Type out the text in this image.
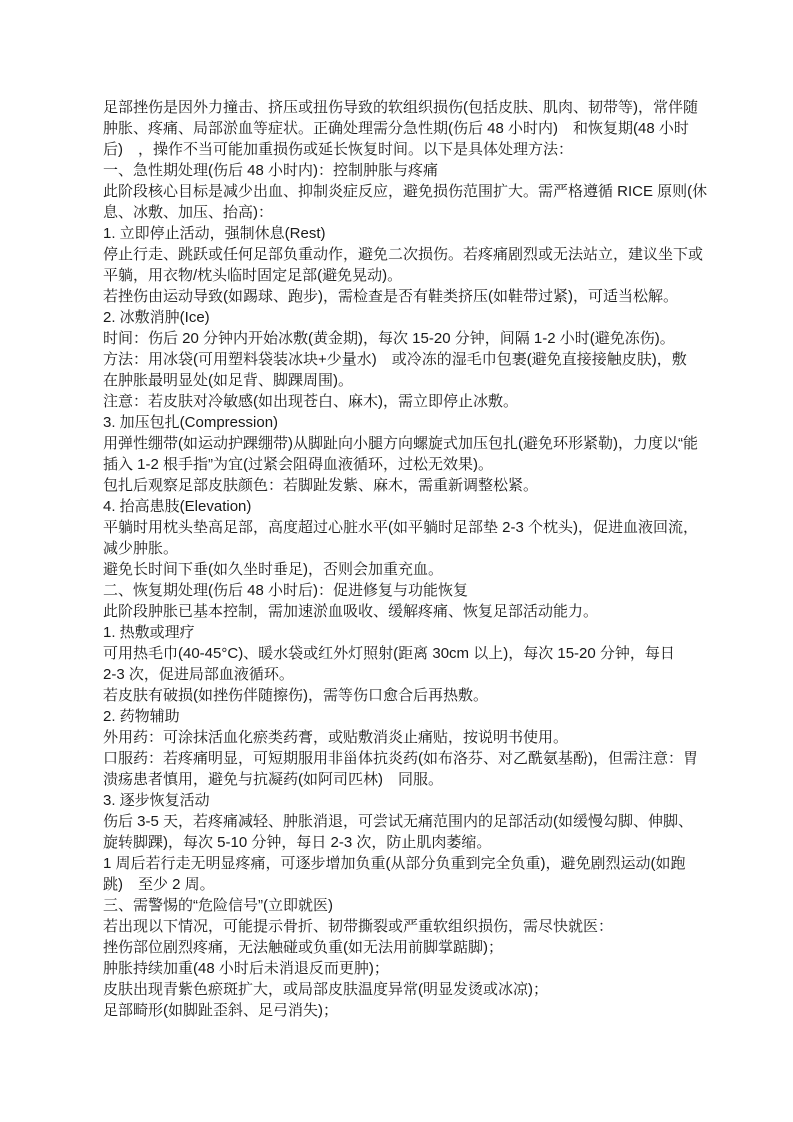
足部挫伤是因外力撞击、挤压或扭伤导致的软组织损伤(包括皮肤、肌肉、韧带等)，常伴随
肿胀、疼痛、局部淤血等症状。正确处理需分急性期(伤后 48 小时内)　和恢复期(48 小时
后)　，操作不当可能加重损伤或延长恢复时间。以下是具体处理方法：
一、急性期处理(伤后 48 小时内)：控制肿胀与疼痛
此阶段核心目标是减少出血、抑制炎症反应，避免损伤范围扩大。需严格遵循 RICE 原则(休
息、冰敷、加压、抬高)：
1. 立即停止活动，强制休息(Rest)
停止行走、跳跃或任何足部负重动作，避免二次损伤。若疼痛剧烈或无法站立，建议坐下或
平躺，用衣物/枕头临时固定足部(避免晃动)。
若挫伤由运动导致(如踢球、跑步)，需检查是否有鞋类挤压(如鞋带过紧)，可适当松解。
2. 冰敷消肿(Ice)
时间：伤后 20 分钟内开始冰敷(黄金期)，每次 15-20 分钟，间隔 1-2 小时(避免冻伤)。
方法：用冰袋(可用塑料袋装冰块+少量水)　或冷冻的湿毛巾包裹(避免直接接触皮肤)，敷
在肿胀最明显处(如足背、脚踝周围)。
注意：若皮肤对冷敏感(如出现苍白、麻木)，需立即停止冰敷。
3. 加压包扎(Compression)
用弹性绷带(如运动护踝绷带)从脚趾向小腿方向螺旋式加压包扎(避免环形紧勒)，力度以“能
插入 1-2 根手指”为宜(过紧会阻碍血液循环，过松无效果)。
包扎后观察足部皮肤颜色：若脚趾发紫、麻木，需重新调整松紧。
4. 抬高患肢(Elevation)
平躺时用枕头垫高足部，高度超过心脏水平(如平躺时足部垫 2-3 个枕头)，促进血液回流，
减少肿胀。
避免长时间下垂(如久坐时垂足)，否则会加重充血。
二、恢复期处理(伤后 48 小时后)：促进修复与功能恢复
此阶段肿胀已基本控制，需加速淤血吸收、缓解疼痛、恢复足部活动能力。
1. 热敷或理疗
可用热毛巾(40-45°C)、暖水袋或红外灯照射(距离 30cm 以上)，每次 15-20 分钟，每日
2-3 次，促进局部血液循环。
若皮肤有破损(如挫伤伴随擦伤)，需等伤口愈合后再热敷。
2. 药物辅助
外用药：可涂抹活血化瘀类药膏，或贴敷消炎止痛贴，按说明书使用。
口服药：若疼痛明显，可短期服用非甾体抗炎药(如布洛芬、对乙酰氨基酚)，但需注意：胃
溃疡患者慎用，避免与抗凝药(如阿司匹林)　同服。
3. 逐步恢复活动
伤后 3-5 天，若疼痛减轻、肿胀消退，可尝试无痛范围内的足部活动(如缓慢勾脚、伸脚、
旋转脚踝)，每次 5-10 分钟，每日 2-3 次，防止肌肉萎缩。
1 周后若行走无明显疼痛，可逐步增加负重(从部分负重到完全负重)，避免剧烈运动(如跑
跳)　至少 2 周。
三、需警惕的“危险信号”(立即就医)
若出现以下情况，可能提示骨折、韧带撕裂或严重软组织损伤，需尽快就医：
挫伤部位剧烈疼痛，无法触碰或负重(如无法用前脚掌踮脚)；
肿胀持续加重(48 小时后未消退反而更肿)；
皮肤出现青紫色瘀斑扩大，或局部皮肤温度异常(明显发烫或冰凉)；
足部畸形(如脚趾歪斜、足弓消失)；
